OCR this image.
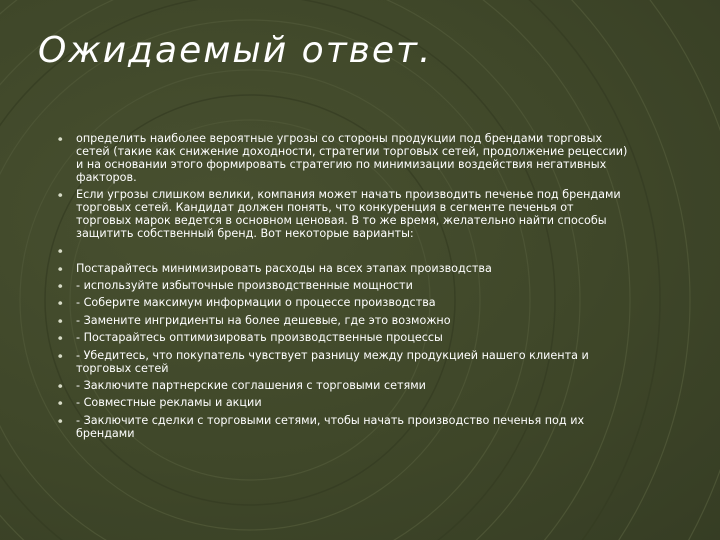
Ожидаемый ответ.
⦁ определить наиболее вероятные угрозы со стороны продукции под брендами торговых сетей (такие как снижение доходности, стратегии торговых сетей, продолжение рецессии) и на основании этого формировать стратегию по минимизации воздействия негативных факторов.
⦁ Если угрозы слишком велики, компания может начать производить печенье под брендами торговых сетей. Кандидат должен понять, что конкуренция в сегменте печенья от торговых марок ведется в основном ценовая. В то же время, желательно найти способы защитить собственный бренд. Вот некоторые варианты:
⦁
⦁ Постарайтесь минимизировать расходы на всех этапах производства
⦁ - используйте избыточные производственные мощности
⦁ - Соберите максимум информации о процессе производства
⦁ - Замените ингридиенты на более дешевые, где это возможно
⦁ - Постарайтесь оптимизировать производственные процессы
⦁ - Убедитесь, что покупатель чувствует разницу между продукцией нашего клиента и торговых сетей
⦁ - Заключите партнерские соглашения с торговыми сетями
⦁ - Совместные рекламы и акции
⦁ - Заключите сделки с торговыми сетями, чтобы начать производство печенья под их брендами
